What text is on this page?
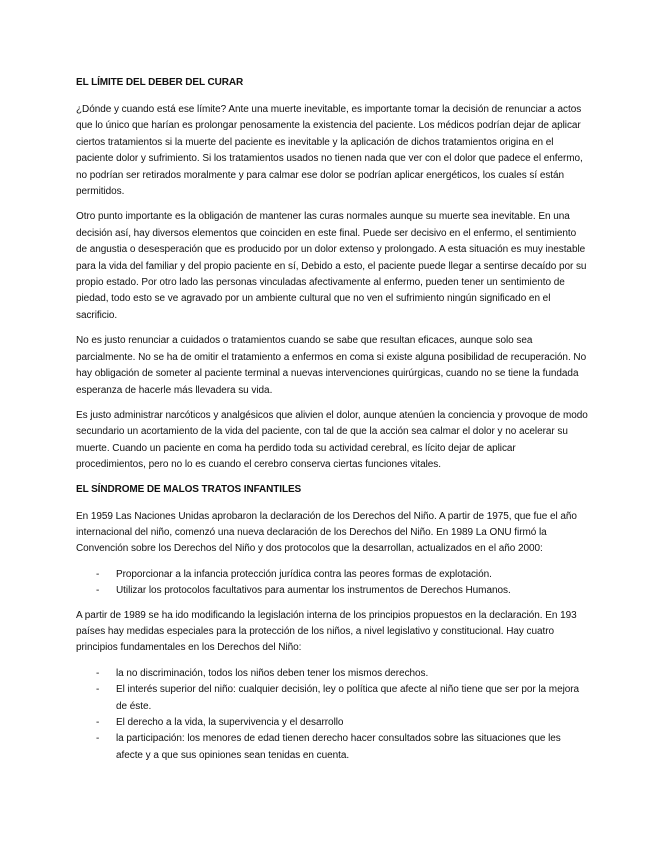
EL LÍMITE DEL DEBER DEL CURAR

¿Dónde y cuando está ese límite? Ante una muerte inevitable, es importante tomar la decisión de renunciar a actos que lo único que harían es prolongar penosamente la existencia del paciente. Los médicos podrían dejar de aplicar ciertos tratamientos si la muerte del paciente es inevitable y la aplicación de dichos tratamientos origina en el paciente dolor y sufrimiento. Si los tratamientos usados no tienen nada que ver con el dolor que padece el enfermo, no podrían ser retirados moralmente y para calmar ese dolor se podrían aplicar energéticos, los cuales sí están permitidos.

Otro punto importante es la obligación de mantener las curas normales aunque su muerte sea inevitable. En una decisión así, hay diversos elementos que coinciden en este final. Puede ser decisivo en el enfermo, el sentimiento de angustia o desesperación que es producido por un dolor extenso y prolongado. A esta situación es muy inestable para la vida del familiar y del propio paciente en sí, Debido a esto, el paciente puede llegar a sentirse decaído por su propio estado. Por otro lado las personas vinculadas afectivamente al enfermo, pueden tener un sentimiento de piedad, todo esto se ve agravado por un ambiente cultural que no ven el sufrimiento ningún significado en el sacrificio.

No es justo renunciar a cuidados o tratamientos cuando se sabe que resultan eficaces, aunque solo sea parcialmente. No se ha de omitir el tratamiento a enfermos en coma si existe alguna posibilidad de recuperación. No hay obligación de someter al paciente terminal a nuevas intervenciones quirúrgicas, cuando no se tiene la fundada esperanza de hacerle más llevadera su vida.

Es justo administrar narcóticos y analgésicos que alivien el dolor, aunque atenúen la conciencia y provoque de modo secundario un acortamiento de la vida del paciente, con tal de que la acción sea calmar el dolor y no acelerar su muerte. Cuando un paciente en coma ha perdido toda su actividad cerebral, es lícito dejar de aplicar procedimientos, pero no lo es cuando el cerebro conserva ciertas funciones vitales.

EL SÍNDROME DE MALOS TRATOS INFANTILES

En 1959 Las Naciones Unidas aprobaron la declaración de los Derechos del Niño. A partir de 1975, que fue el año internacional del niño, comenzó una nueva declaración de los Derechos del Niño. En 1989 La ONU firmó la Convención sobre los Derechos del Niño y dos protocolos que la desarrollan, actualizados en el año 2000:

- Proporcionar a la infancia protección jurídica contra las peores formas de explotación.
- Utilizar los protocolos facultativos para aumentar los instrumentos de Derechos Humanos.

A partir de 1989 se ha ido modificando la legislación interna de los principios propuestos en la declaración. En 193 países hay medidas especiales para la protección de los niños, a nivel legislativo y constitucional. Hay cuatro principios fundamentales en los Derechos del Niño:

- la no discriminación, todos los niños deben tener los mismos derechos.
- El interés superior del niño: cualquier decisión, ley o política que afecte al niño tiene que ser por la mejora de éste.
- El derecho a la vida, la supervivencia y el desarrollo
- la participación: los menores de edad tienen derecho hacer consultados sobre las situaciones que les afecte y a que sus opiniones sean tenidas en cuenta.
